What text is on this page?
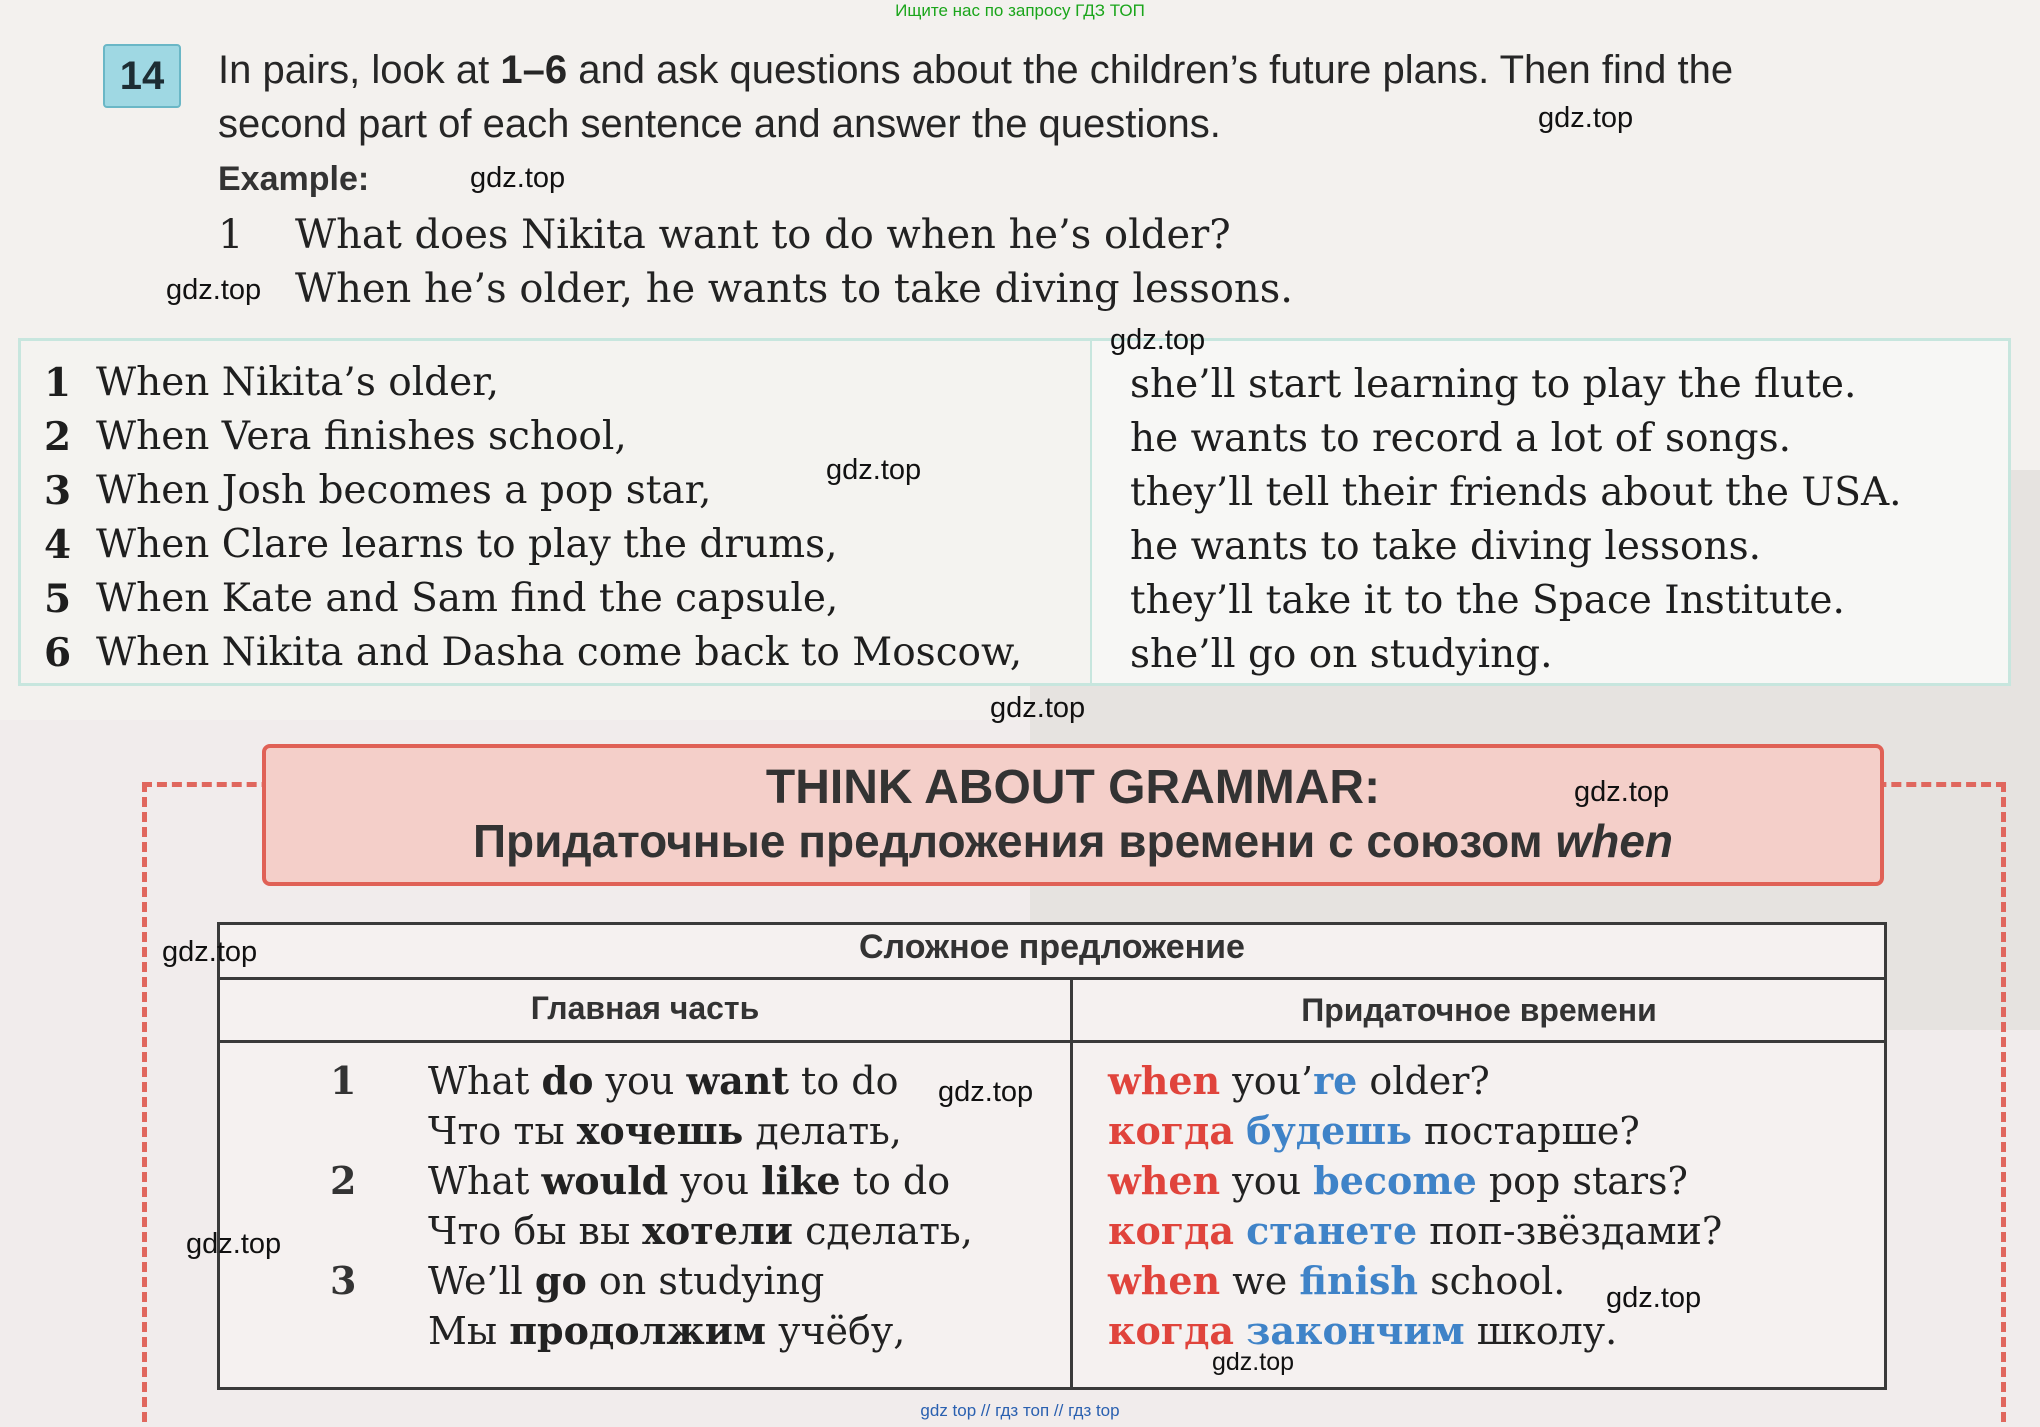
Ищите нас по запросу ГДЗ ТОП
14	In pairs, look at 1–6 and ask questions about the children’s future plans. Then find the
second part of each sentence and answer the questions.
Example:
1 What does Nikita want to do when he’s older?
When he’s older, he wants to take diving lessons.
1 When Nikita’s older,
2 When Vera finishes school,
3 When Josh becomes a pop star,
4 When Clare learns to play the drums,
5 When Kate and Sam find the capsule,
6 When Nikita and Dasha come back to Moscow,
she’ll start learning to play the flute.
he wants to record a lot of songs.
they’ll tell their friends about the USA.
he wants to take diving lessons.
they’ll take it to the Space Institute.
she’ll go on studying.
THINK ABOUT GRAMMAR:
Придаточные предложения времени с союзом when
Сложное предложение
Главная часть	Придаточное времени
1 What do you want to do
Что ты хочешь делать,
when you’re older?
когда будешь постарше?
2 What would you like to do
Что бы вы хотели сделать,
when you become pop stars?
когда станете поп-звёздами?
3 We’ll go on studying
Мы продолжим учёбу,
when we finish school.
когда закончим школу.
gdz.top
gdz.top
gdz.top
gdz.top
gdz.top
gdz.top
gdz.top
gdz.top
gdz.top
gdz.top
gdz.top
gdz.top
gdz top // гдз топ // гдз top
